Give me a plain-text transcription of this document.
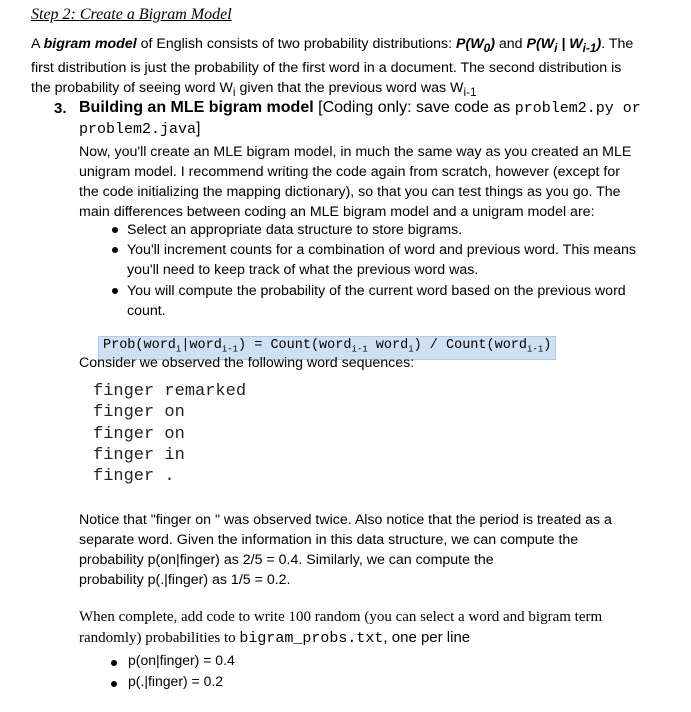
Step 2: Create a Bigram Model
A bigram model of English consists of two probability distributions: $P(W_0)$ and $P(W_i$ | $W_{i-1}$). The
first distribution is just the probability of the first word in a document. The second distribution is
the probability of seeing word $W_i$ given that the previous word was $W_{i-1}$
3. Building an MLE bigram model [Coding only: save code as problem2.py or
problem2.java]
Now, you'll create an MLE bigram model, in much the same way as you created an MLE
unigram model. I recommend writing the code again from scratch, however (except for
the code initializing the mapping dictionary), so that you can test things as you go. The
main differences between coding an MLE bigram model and a unigram model are:
Select an appropriate data structure to store bigrams.
You'll increment counts for a combination of word and previous word. This means
you'll need to keep track of what the previous word was.
You will compute the probability of the current word based on the previous word
count.
Prob(word$_i$|word$_{i-1}$) = Count(word$_{i-1}$ word$_i$) / Count(word$_{i-1}$)
Consider we observed the following word sequences:
finger remarked
finger on
finger on
finger in
finger .
Notice that "finger on " was observed twice. Also notice that the period is treated as a
separate word. Given the information in this data structure, we can compute the
probability p(on|finger) as 2/5 = 0.4. Similarly, we can compute the
probability p(.|finger) as 1/5 = 0.2.
When complete, add code to write 100 random (you can select a word and bigram term
randomly) probabilities to bigram_probs.txt, one per line
p(on|finger) = 0.4
p(.|finger) = 0.2
